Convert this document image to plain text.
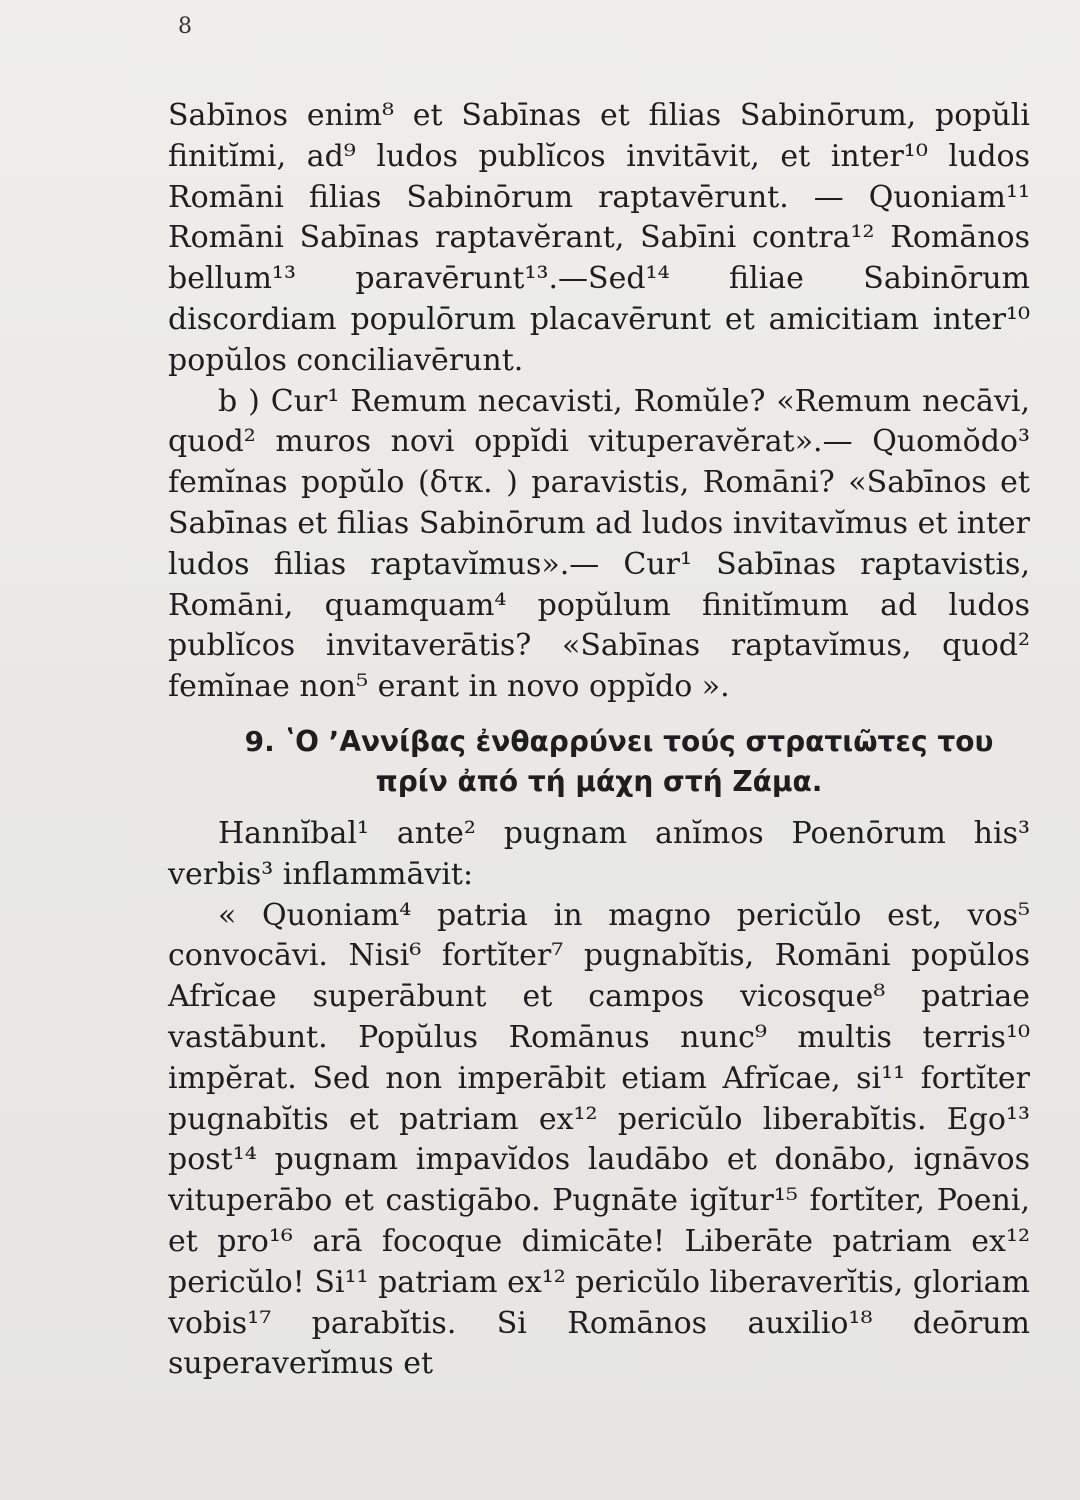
8

Sabīnos enim⁸ et Sabīnas et filias Sabinōrum, popŭli finitĭmi, ad⁹ ludos publĭcos invitāvit, et inter¹⁰ ludos Romāni filias Sabinōrum raptavērunt. — Quoniam¹¹ Romāni Sabīnas raptavĕrant, Sabīni contra¹² Romānos bellum¹³ paravērunt¹³.—Sed¹⁴ filiae Sabinōrum discordiam populōrum placavērunt et amicitiam inter¹⁰ popŭlos conciliavērunt.

b ) Cur¹ Remum necavisti, Romŭle? «Remum necāvi, quod² muros novi oppĭdi vituperavĕrat».— Quomŏdo³ femĭnas popŭlo (δτκ. ) paravistis, Romāni? «Sabīnos et Sabīnas et filias Sabinōrum ad ludos invitavĭmus et inter ludos filias raptavĭmus».— Cur¹ Sabīnas raptavistis, Romāni, quamquam⁴ popŭlum finitĭmum ad ludos publĭcos invitaverātis? «Sabīnas raptavĭmus, quod² femĭnae non⁵ erant in novo oppĭdo ».

9. ʽΟ ʼΑννίβας ἐνθαρρύνει τούς στρατιῶτες του
πρίν ἀπό τή μάχη στή Ζάμα.

Hannĭbal¹ ante² pugnam anĭmos Poenōrum his³ verbis³ inflammāvit:

« Quoniam⁴ patria in magno pericŭlo est, vos⁵ convocāvi. Nisi⁶ fortĭter⁷ pugnabĭtis, Romāni popŭlos Afrĭcae superābunt et campos vicosque⁸ patriae vastābunt. Popŭlus Romānus nunc⁹ multis terris¹⁰ impĕrat. Sed non imperābit etiam Afrĭcae, si¹¹ fortĭter pugnabĭtis et patriam ex¹² pericŭlo liberabĭtis. Ego¹³ post¹⁴ pugnam impavĭdos laudābo et donābo, ignāvos vituperābo et castigābo. Pugnāte igĭtur¹⁵ fortĭter, Poeni, et pro¹⁶ arā focoque dimicāte! Liberāte patriam ex¹² pericŭlo! Si¹¹ patriam ex¹² pericŭlo liberaverĭtis, gloriam vobis¹⁷ parabĭtis. Si Romānos auxilio¹⁸ deōrum superaverĭmus et
